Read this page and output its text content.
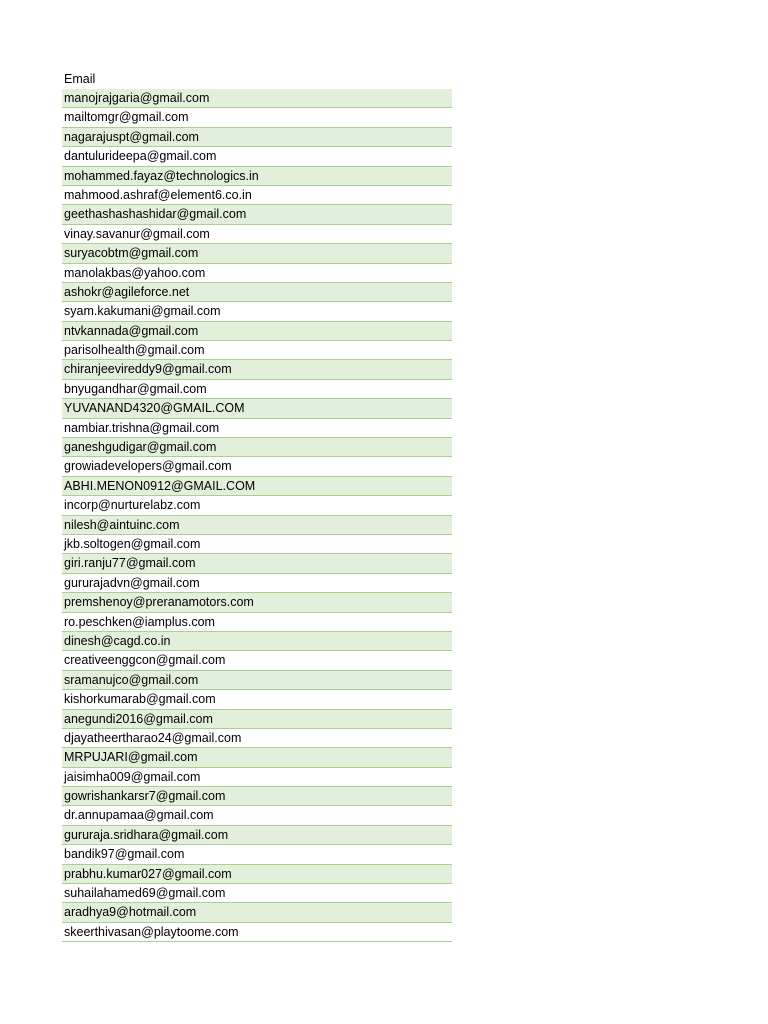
Email
manojrajgaria@gmail.com
mailtomgr@gmail.com
nagarajuspt@gmail.com
dantulurideepa@gmail.com
mohammed.fayaz@technologics.in
mahmood.ashraf@element6.co.in
geethashashashidar@gmail.com
vinay.savanur@gmail.com
suryacobtm@gmail.com
manolakbas@yahoo.com
ashokr@agileforce.net
syam.kakumani@gmail.com
ntvkannada@gmail.com
parisolhealth@gmail.com
chiranjeevireddy9@gmail.com
bnyugandhar@gmail.com
YUVANAND4320@GMAIL.COM
nambiar.trishna@gmail.com
ganeshgudigar@gmail.com
growiadevelopers@gmail.com
ABHI.MENON0912@GMAIL.COM
incorp@nurturelabz.com
nilesh@aintuinc.com
jkb.soltogen@gmail.com
giri.ranju77@gmail.com
gururajadvn@gmail.com
premshenoy@preranamotors.com
ro.peschken@iamplus.com
dinesh@cagd.co.in
creativeenggcon@gmail.com
sramanujco@gmail.com
kishorkumarab@gmail.com
anegundi2016@gmail.com
djayatheertharao24@gmail.com
MRPUJARI@gmail.com
jaisimha009@gmail.com
gowrishankarsr7@gmail.com
dr.annupamaa@gmail.com
gururaja.sridhara@gmail.com
bandik97@gmail.com
prabhu.kumar027@gmail.com
suhailahamed69@gmail.com
aradhya9@hotmail.com
skeerthivasan@playtoome.com
